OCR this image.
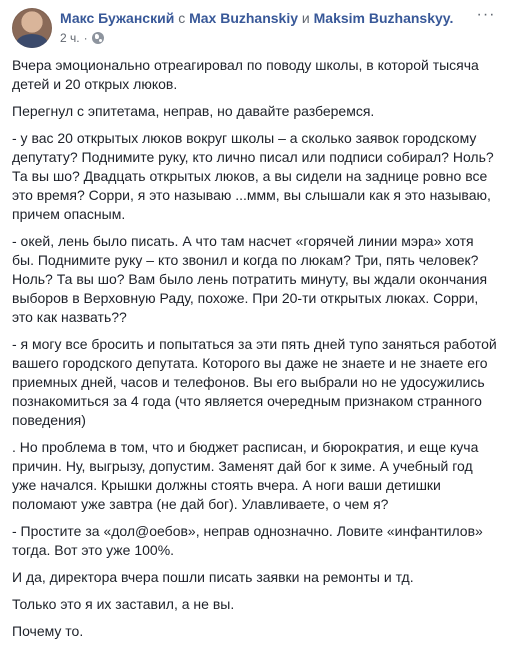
Макс Бужанский с Max Buzhanskiy и Maksim Buzhanskyy.
2 ч. ·
···

Вчера эмоционально отреагировал по поводу школы, в которой тысяча детей и 20 открых люков.

Перегнул с эпитетама, неправ, но давайте разберемся.

- у вас 20 открытых люков вокруг школы – а сколько заявок городскому депутату? Поднимите руку, кто лично писал или подписи собирал? Ноль? Та вы шо? Двадцать открытых люков, а вы сидели на заднице ровно все это время? Сорри, я это называю ...ммм, вы слышали как я это называю, причем опасным.

- окей, лень было писать. А что там насчет «горячей линии мэра» хотя бы. Поднимите руку – кто звонил и когда по люкам? Три, пять человек? Ноль? Та вы шо? Вам было лень потратить минуту, вы ждали окончания выборов в Верховную Раду, похоже. При 20-ти открытых люках. Сорри, это как назвать??

- я могу все бросить и попытаться за эти пять дней тупо заняться работой вашего городского депутата. Которого вы даже не знаете и не знаете его приемных дней, часов и телефонов. Вы его выбрали но не удосужились познакомиться за 4 года (что является очередным признаком странного поведения)

. Но проблема в том, что и бюджет расписан, и бюрократия, и еще куча причин. Ну, выгрызу, допустим. Заменят дай бог к зиме. А учебный год уже начался. Крышки должны стоять вчера. А ноги ваши детишки поломают уже завтра (не дай бог). Улавливаете, о чем я?

- Простите за «дол@оебов», неправ однозначно. Ловите «инфантилов» тогда. Вот это уже 100%.

И да, директора вчера пошли писать заявки на ремонты и тд.

Только это я их заставил, а не вы.

Почему то.
